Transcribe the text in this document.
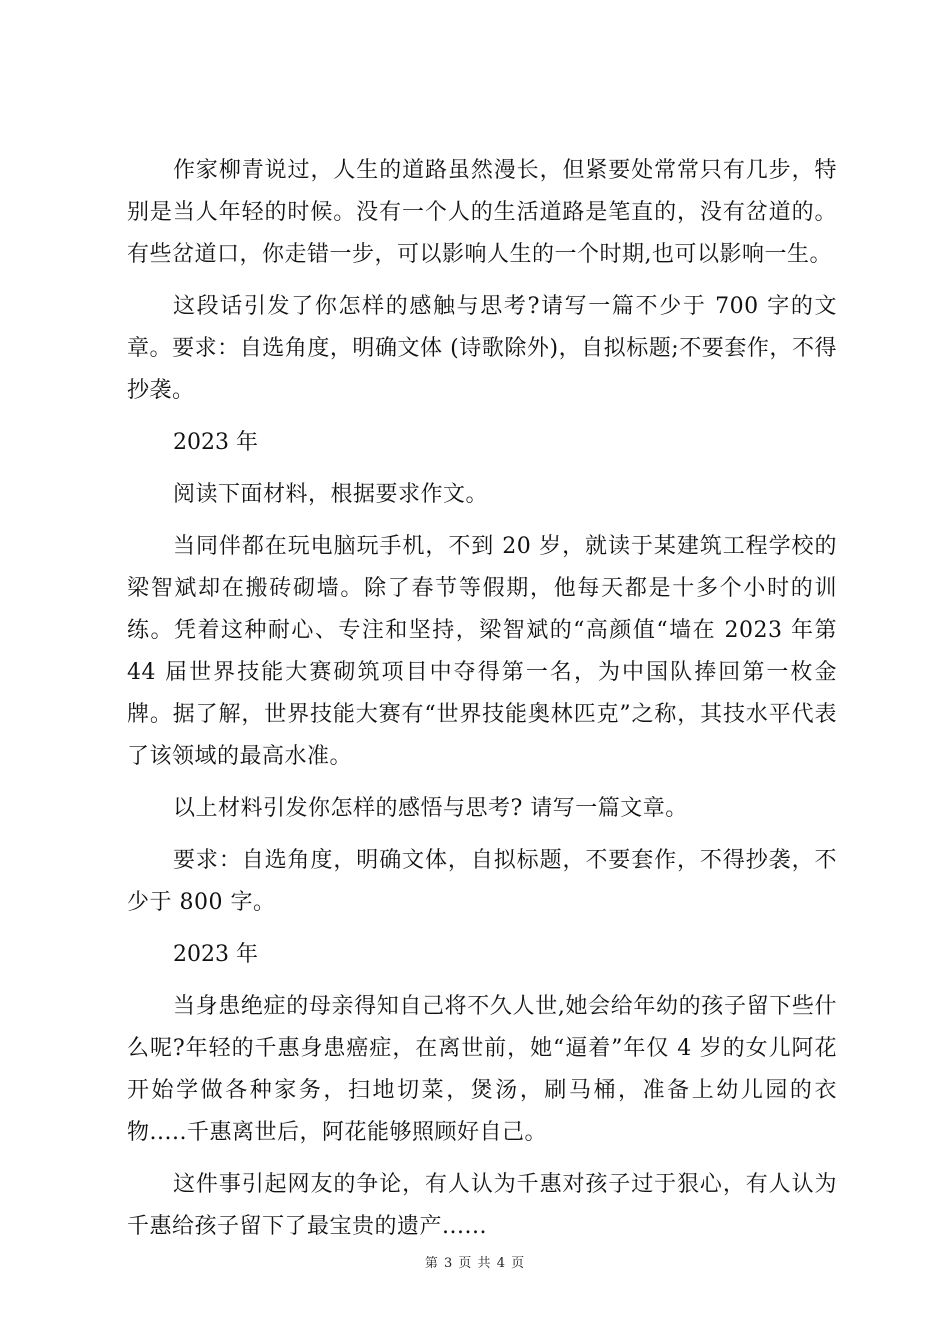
作家柳青说过，人生的道路虽然漫长，但紧要处常常只有几步，特别是当人年轻的时候。没有一个人的生活道路是笔直的，没有岔道的。有些岔道口，你走错一步，可以影响人生的一个时期,也可以影响一生。

这段话引发了你怎样的感触与思考?请写一篇不少于 700 字的文章。要求：自选角度，明确文体 (诗歌除外)，自拟标题;不要套作，不得抄袭。

2023 年

阅读下面材料，根据要求作文。

当同伴都在玩电脑玩手机，不到 20 岁，就读于某建筑工程学校的梁智斌却在搬砖砌墙。除了春节等假期，他每天都是十多个小时的训练。凭着这种耐心、专注和坚持，梁智斌的“高颜值“墙在 2023 年第 44 届世界技能大赛砌筑项目中夺得第一名，为中国队捧回第一枚金牌。据了解，世界技能大赛有“世界技能奥林匹克”之称，其技水平代表了该领域的最高水准。

以上材料引发你怎样的感悟与思考? 请写一篇文章。

要求：自选角度，明确文体，自拟标题，不要套作，不得抄袭，不少于 800 字。

2023 年

当身患绝症的母亲得知自己将不久人世,她会给年幼的孩子留下些什么呢?年轻的千惠身患癌症，在离世前，她“逼着”年仅 4 岁的女儿阿花开始学做各种家务，扫地切菜，煲汤，刷马桶，准备上幼儿园的衣物.....千惠离世后，阿花能够照顾好自己。

这件事引起网友的争论，有人认为千惠对孩子过于狠心，有人认为千惠给孩子留下了最宝贵的遗产......

第 3 页 共 4 页
